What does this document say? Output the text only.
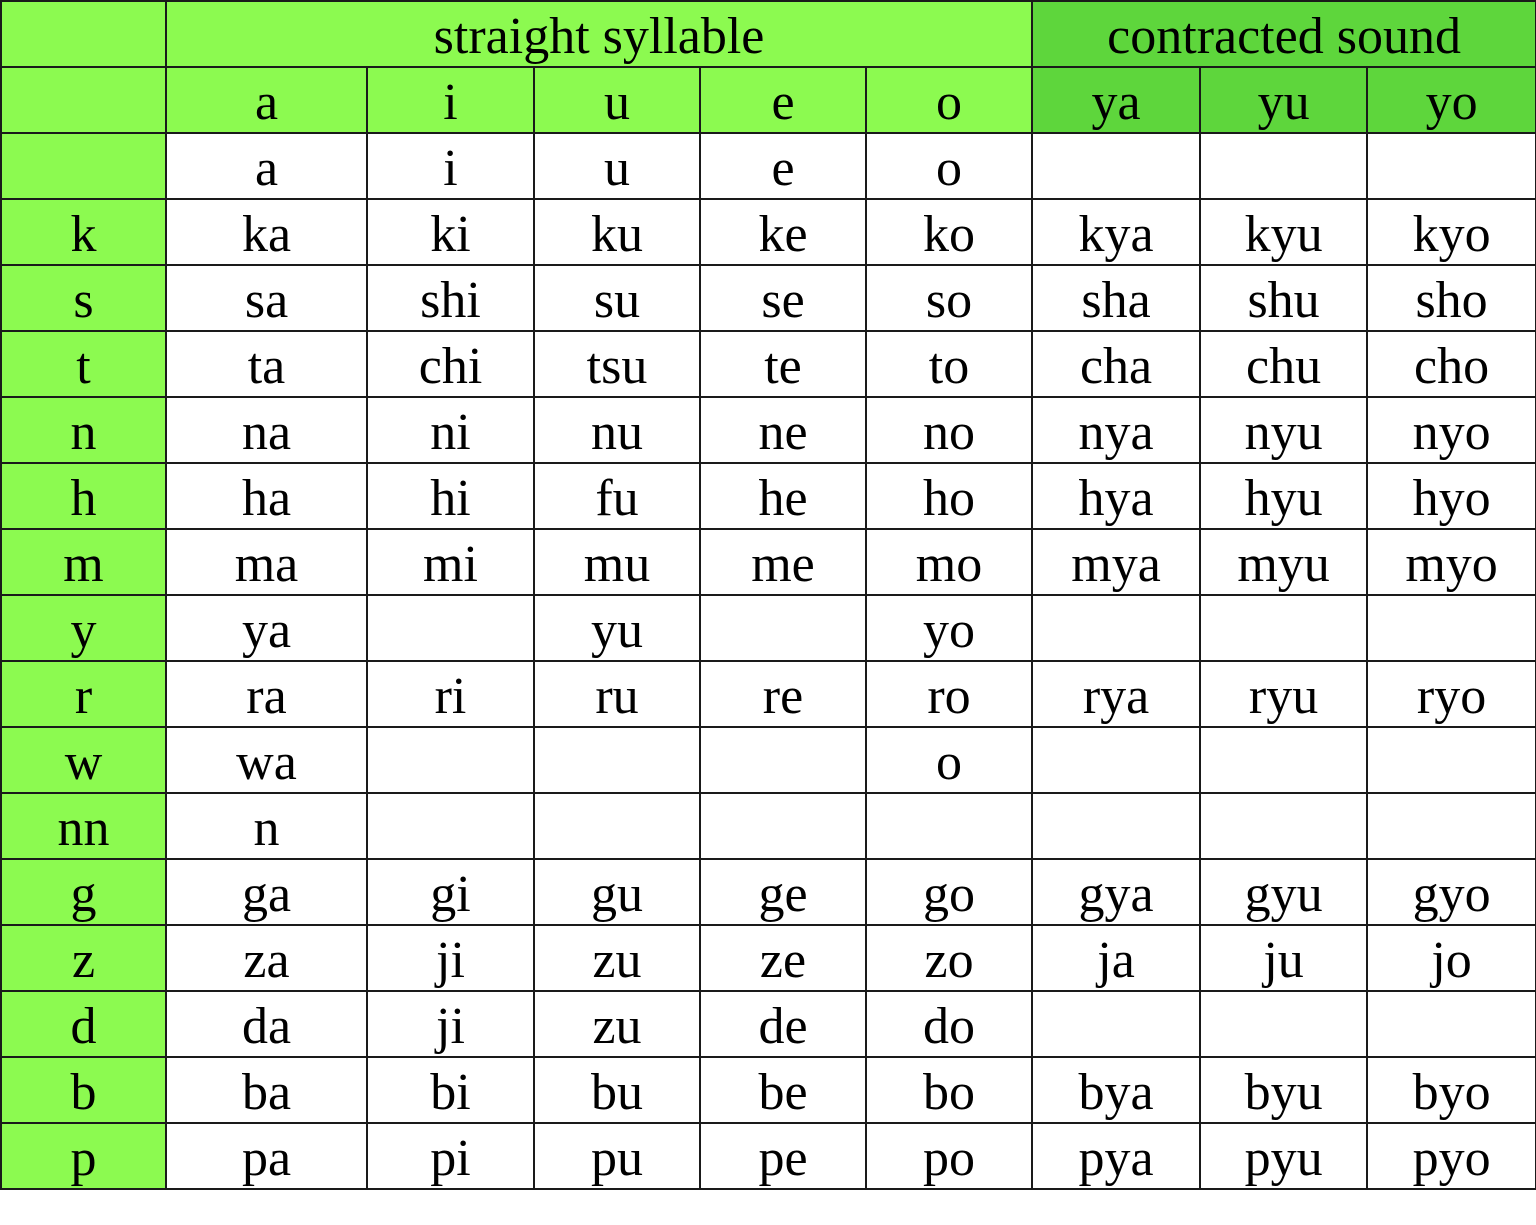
	straight syllable					contracted sound		
	a	i	u	e	o	ya	yu	yo
	a	i	u	e	o			
k	ka	ki	ku	ke	ko	kya	kyu	kyo
s	sa	shi	su	se	so	sha	shu	sho
t	ta	chi	tsu	te	to	cha	chu	cho
n	na	ni	nu	ne	no	nya	nyu	nyo
h	ha	hi	fu	he	ho	hya	hyu	hyo
m	ma	mi	mu	me	mo	mya	myu	myo
y	ya		yu		yo			
r	ra	ri	ru	re	ro	rya	ryu	ryo
w	wa				o			
nn	n							
g	ga	gi	gu	ge	go	gya	gyu	gyo
z	za	ji	zu	ze	zo	ja	ju	jo
d	da	ji	zu	de	do			
b	ba	bi	bu	be	bo	bya	byu	byo
p	pa	pi	pu	pe	po	pya	pyu	pyo
